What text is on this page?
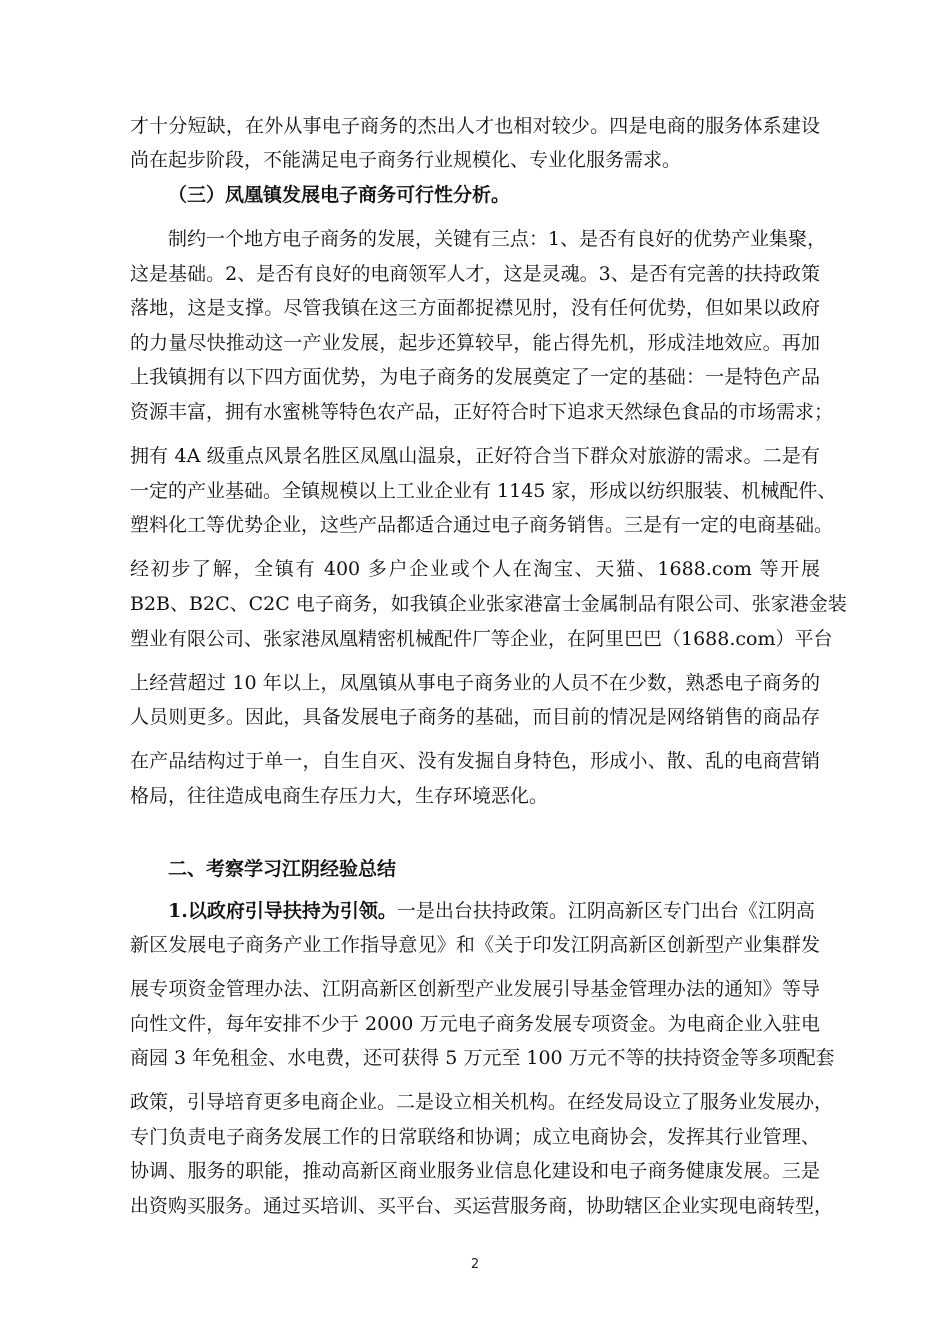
才十分短缺，在外从事电子商务的杰出人才也相对较少。四是电商的服务体系建设
尚在起步阶段，不能满足电子商务行业规模化、专业化服务需求。
（三）凤凰镇发展电子商务可行性分析。
制约一个地方电子商务的发展，关键有三点：1、是否有良好的优势产业集聚，
这是基础。2、是否有良好的电商领军人才，这是灵魂。3、是否有完善的扶持政策
落地，这是支撑。尽管我镇在这三方面都捉襟见肘，没有任何优势，但如果以政府
的力量尽快推动这一产业发展，起步还算较早，能占得先机，形成洼地效应。再加
上我镇拥有以下四方面优势，为电子商务的发展奠定了一定的基础：一是特色产品
资源丰富，拥有水蜜桃等特色农产品，正好符合时下追求天然绿色食品的市场需求；
拥有 4A 级重点风景名胜区凤凰山温泉，正好符合当下群众对旅游的需求。二是有
一定的产业基础。全镇规模以上工业企业有 1145 家，形成以纺织服装、机械配件、
塑料化工等优势企业，这些产品都适合通过电子商务销售。三是有一定的电商基础。
经初步了解，全镇有 400 多户企业或个人在淘宝、天猫、1688.com 等开展
B2B、B2C、C2C 电子商务，如我镇企业张家港富士金属制品有限公司、张家港金装
塑业有限公司、张家港凤凰精密机械配件厂等企业，在阿里巴巴（1688.com）平台
上经营超过 10 年以上，凤凰镇从事电子商务业的人员不在少数，熟悉电子商务的
人员则更多。因此，具备发展电子商务的基础，而目前的情况是网络销售的商品存
在产品结构过于单一，自生自灭、没有发掘自身特色，形成小、散、乱的电商营销
格局，往往造成电商生存压力大，生存环境恶化。
二、考察学习江阴经验总结
1.以政府引导扶持为引领。一是出台扶持政策。江阴高新区专门出台《江阴高
新区发展电子商务产业工作指导意见》和《关于印发江阴高新区创新型产业集群发
展专项资金管理办法、江阴高新区创新型产业发展引导基金管理办法的通知》等导
向性文件，每年安排不少于 2000 万元电子商务发展专项资金。为电商企业入驻电
商园 3 年免租金、水电费，还可获得 5 万元至 100 万元不等的扶持资金等多项配套
政策，引导培育更多电商企业。二是设立相关机构。在经发局设立了服务业发展办，
专门负责电子商务发展工作的日常联络和协调；成立电商协会，发挥其行业管理、
协调、服务的职能，推动高新区商业服务业信息化建设和电子商务健康发展。三是
出资购买服务。通过买培训、买平台、买运营服务商，协助辖区企业实现电商转型，
2
